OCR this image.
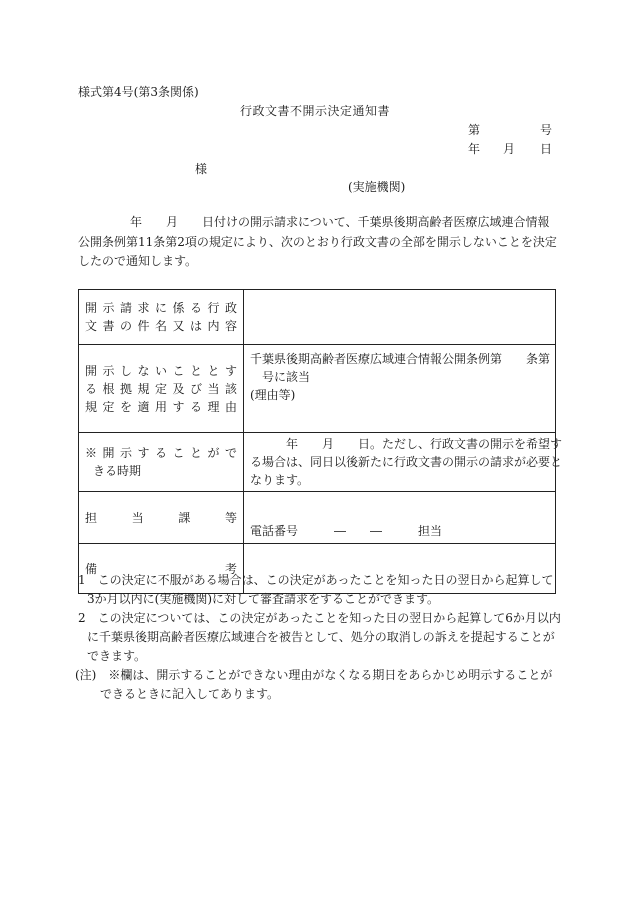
様式第4号(第3条関係)
行政文書不開示決定通知書
第	号
年 月 日
様
(実施機関)
年　　月　　日付けの開示請求について、千葉県後期高齢者医療広域連合情報
公開条例第11条第2項の規定により、次のとおり行政文書の全部を開示しないことを決定
したので通知します。
開示請求に係る行政
文書の件名又は内容	

開示しないこととす
る根拠規定及び当該
規定を適用する理由	千葉県後期高齢者医療広域連合情報公開条例第　　条第
　号に該当
(理由等)

※開示することがで
きる時期	　　　年　　月　　日。ただし、行政文書の開示を希望す
る場合は、同日以後新たに行政文書の開示の請求が必要と
なります。

担当課等	電話番号　　　―　　―　　　担当

備考	

1　この決定に不服がある場合は、この決定があったことを知った日の翌日から起算して
3か月以内に(実施機関)に対して審査請求をすることができます。
2　この決定については、この決定があったことを知った日の翌日から起算して6か月以内
に千葉県後期高齢者医療広域連合を被告として、処分の取消しの訴えを提起することが
できます。
(注)　※欄は、開示することができない理由がなくなる期日をあらかじめ明示することが
できるときに記入してあります。
